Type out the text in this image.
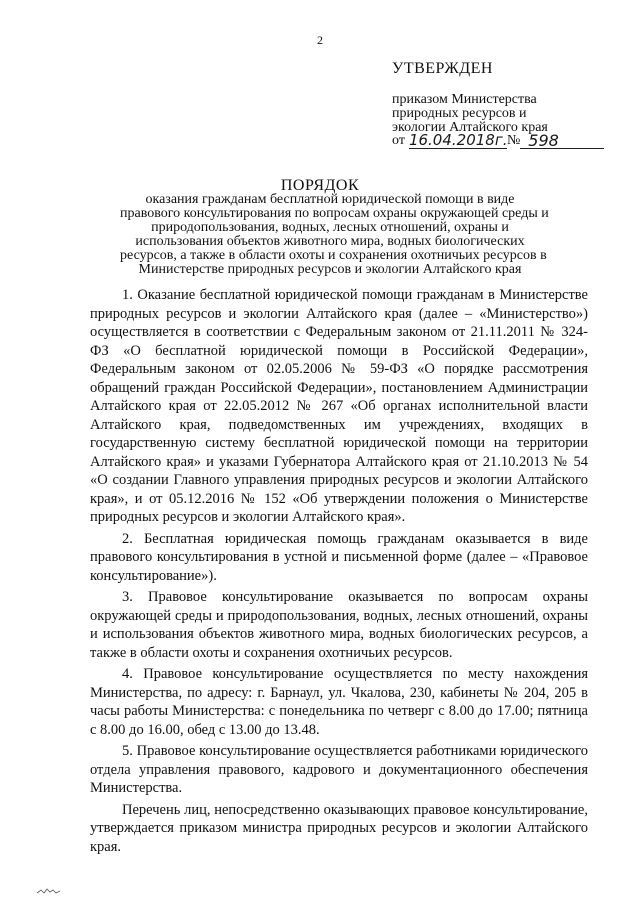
2
УТВЕРЖДЕН
приказом Министерства
природных ресурсов и
экологии Алтайского края
от 16.04.2018г. № 598
ПОРЯДОК
оказания гражданам бесплатной юридической помощи в виде
правового консультирования по вопросам охраны окружающей среды и
природопользования, водных, лесных отношений, охраны и
использования объектов животного мира, водных биологических
ресурсов, а также в области охоты и сохранения охотничьих ресурсов в
Министерстве природных ресурсов и экологии Алтайского края

1. Оказание бесплатной юридической помощи гражданам в Министерстве природных ресурсов и экологии Алтайского края (далее – «Министерство») осуществляется в соответствии с Федеральным законом от 21.11.2011 № 324-ФЗ «О бесплатной юридической помощи в Российской Федерации», Федеральным законом от 02.05.2006 № 59-ФЗ «О порядке рассмотрения обращений граждан Российской Федерации», постановлением Администрации Алтайского края от 22.05.2012 № 267 «Об органах исполнительной власти Алтайского края, подведомственных им учреждениях, входящих в государственную систему бесплатной юридической помощи на территории Алтайского края» и указами Губернатора Алтайского края от 21.10.2013 № 54 «О создании Главного управления природных ресурсов и экологии Алтайского края», и от 05.12.2016 № 152 «Об утверждении положения о Министерстве природных ресурсов и экологии Алтайского края».

2. Бесплатная юридическая помощь гражданам оказывается в виде правового консультирования в устной и письменной форме (далее – «Правовое консультирование»).

3. Правовое консультирование оказывается по вопросам охраны окружающей среды и природопользования, водных, лесных отношений, охраны и использования объектов животного мира, водных биологических ресурсов, а также в области охоты и сохранения охотничьих ресурсов.

4. Правовое консультирование осуществляется по месту нахождения Министерства, по адресу: г. Барнаул, ул. Чкалова, 230, кабинеты № 204, 205 в часы работы Министерства: с понедельника по четверг с 8.00 до 17.00; пятница с 8.00 до 16.00, обед с 13.00 до 13.48.

5. Правовое консультирование осуществляется работниками юридического отдела управления правового, кадрового и документационного обеспечения Министерства.

Перечень лиц, непосредственно оказывающих правовое консультирование, утверждается приказом министра природных ресурсов и экологии Алтайского края.
